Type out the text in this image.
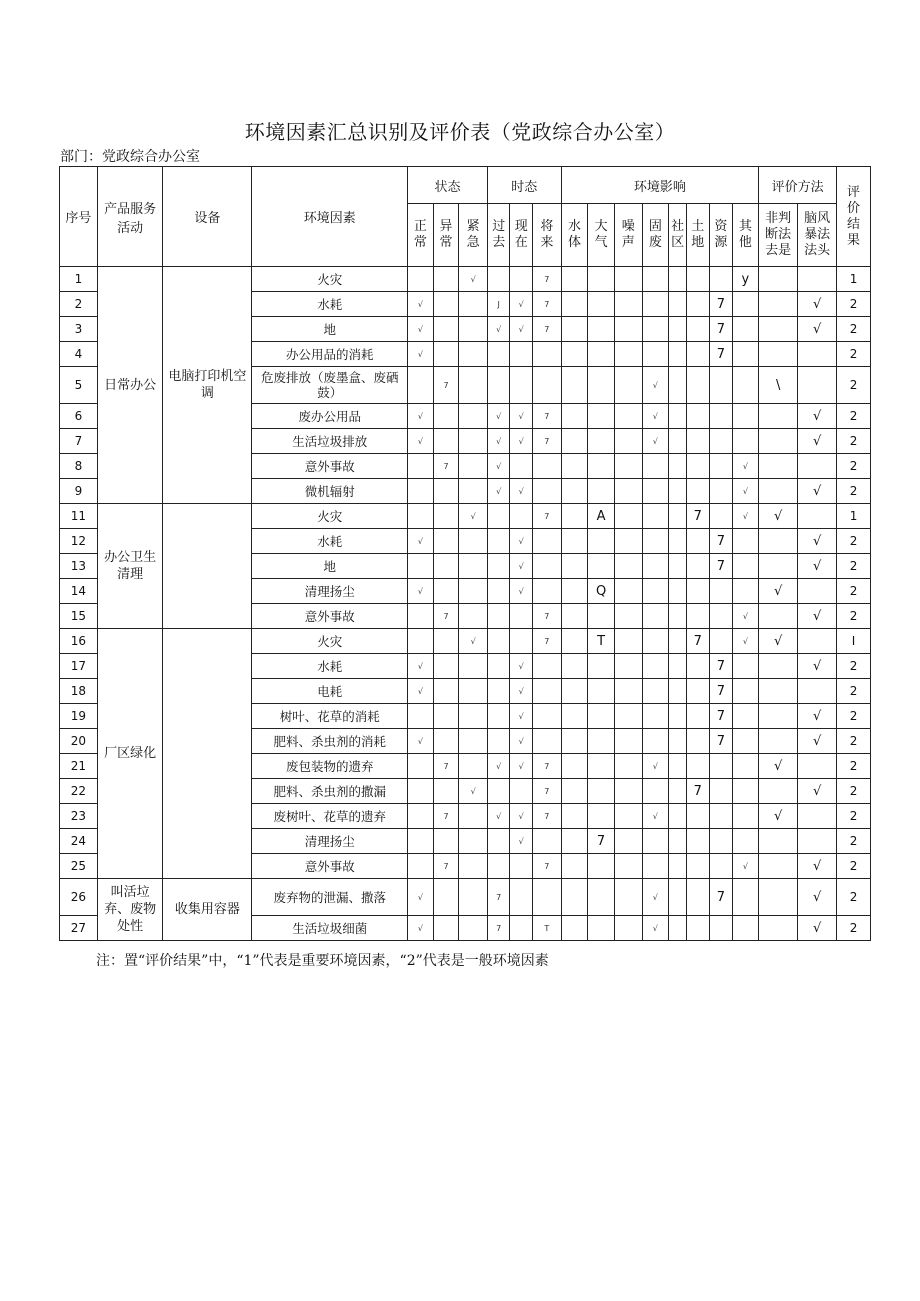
环境因素汇总识别及评价表（党政综合办公室）
部门：党政综合办公室
序号	产品服务活动	设备	环境因素	状态			时态			环境影响								评价方法		评价结果
				正常	异常	紧急	过去	现在	将来	水体	大气	噪声	固废	社区	土地	资源	其他	非判断法去是	脑风暴法法头	
1	日常办公	电脑打印机空调	火灾			√			7								y			1
2			水耗	√			J	√	7							7			√	2
3			地	√			√	√	7							7			√	2
4			办公用品的消耗	√												7				2
5			危废排放（废墨盒、废硒鼓）		7								√					\		2
6			废办公用品	√			√	√	7				√						√	2
7			生活垃圾排放	√			√	√	7				√						√	2
8			意外事故		7		√										√			2
9			微机辐射				√	√									√		√	2
11	办公卫生清理		火灾			√			7		A				7		√	√		1
12			水耗	√				√								7			√	2
13			地					√								7			√	2
14			清理扬尘	√				√			Q							√		2
15			意外事故		7				7								√		√	2
16	厂区绿化		火灾			√			7		T				7		√	√		I
17			水耗	√				√								7			√	2
18			电耗	√				√								7				2
19			树叶、花草的消耗					√								7			√	2
20			肥料、杀虫剂的消耗	√				√								7			√	2
21			废包装物的遗弃		7		√	√	7				√					√		2
22			肥料、杀虫剂的撒漏			√			7						7				√	2
23			废树叶、花草的遗弃		7		√	√	7				√					√		2
24			清理扬尘					√			7									2
25			意外事故		7				7								√		√	2
26	叫活垃弃、废物处性	收集用容器	废弃物的泄漏、撒落	√			7						√			7			√	2
27			生活垃圾细菌	√			7		T				√						√	2
注：置“评价结果”中，“1”代表是重要环境因素，“2”代表是一般环境因素
